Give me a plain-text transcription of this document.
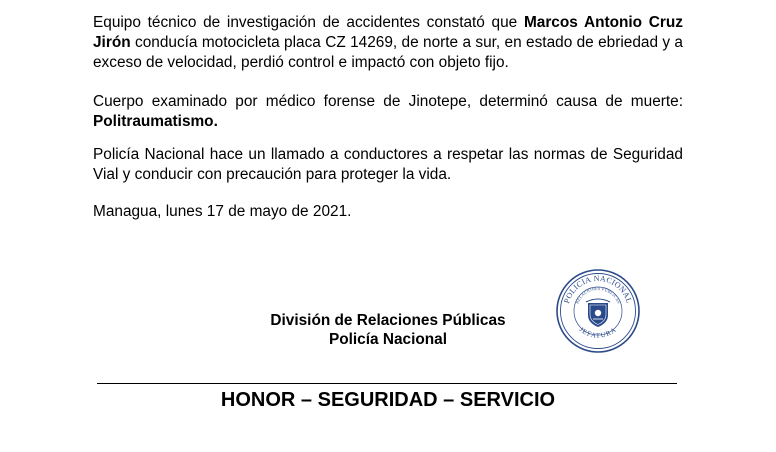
Equipo técnico de investigación de accidentes constató que Marcos Antonio Cruz Jirón conducía motocicleta placa CZ 14269, de norte a sur, en estado de ebriedad y a exceso de velocidad, perdió control e impactó con objeto fijo.

Cuerpo examinado por médico forense de Jinotepe, determinó causa de muerte: Politraumatismo.

Policía Nacional hace un llamado a conductores a respetar las normas de Seguridad Vial y conducir con precaución para proteger la vida.

Managua, lunes 17 de mayo de 2021.

División de Relaciones Públicas
Policía Nacional
POLICIA NACIONAL
RELACIONES PUBLICAS
JEFATURA
HONOR – SEGURIDAD – SERVICIO
